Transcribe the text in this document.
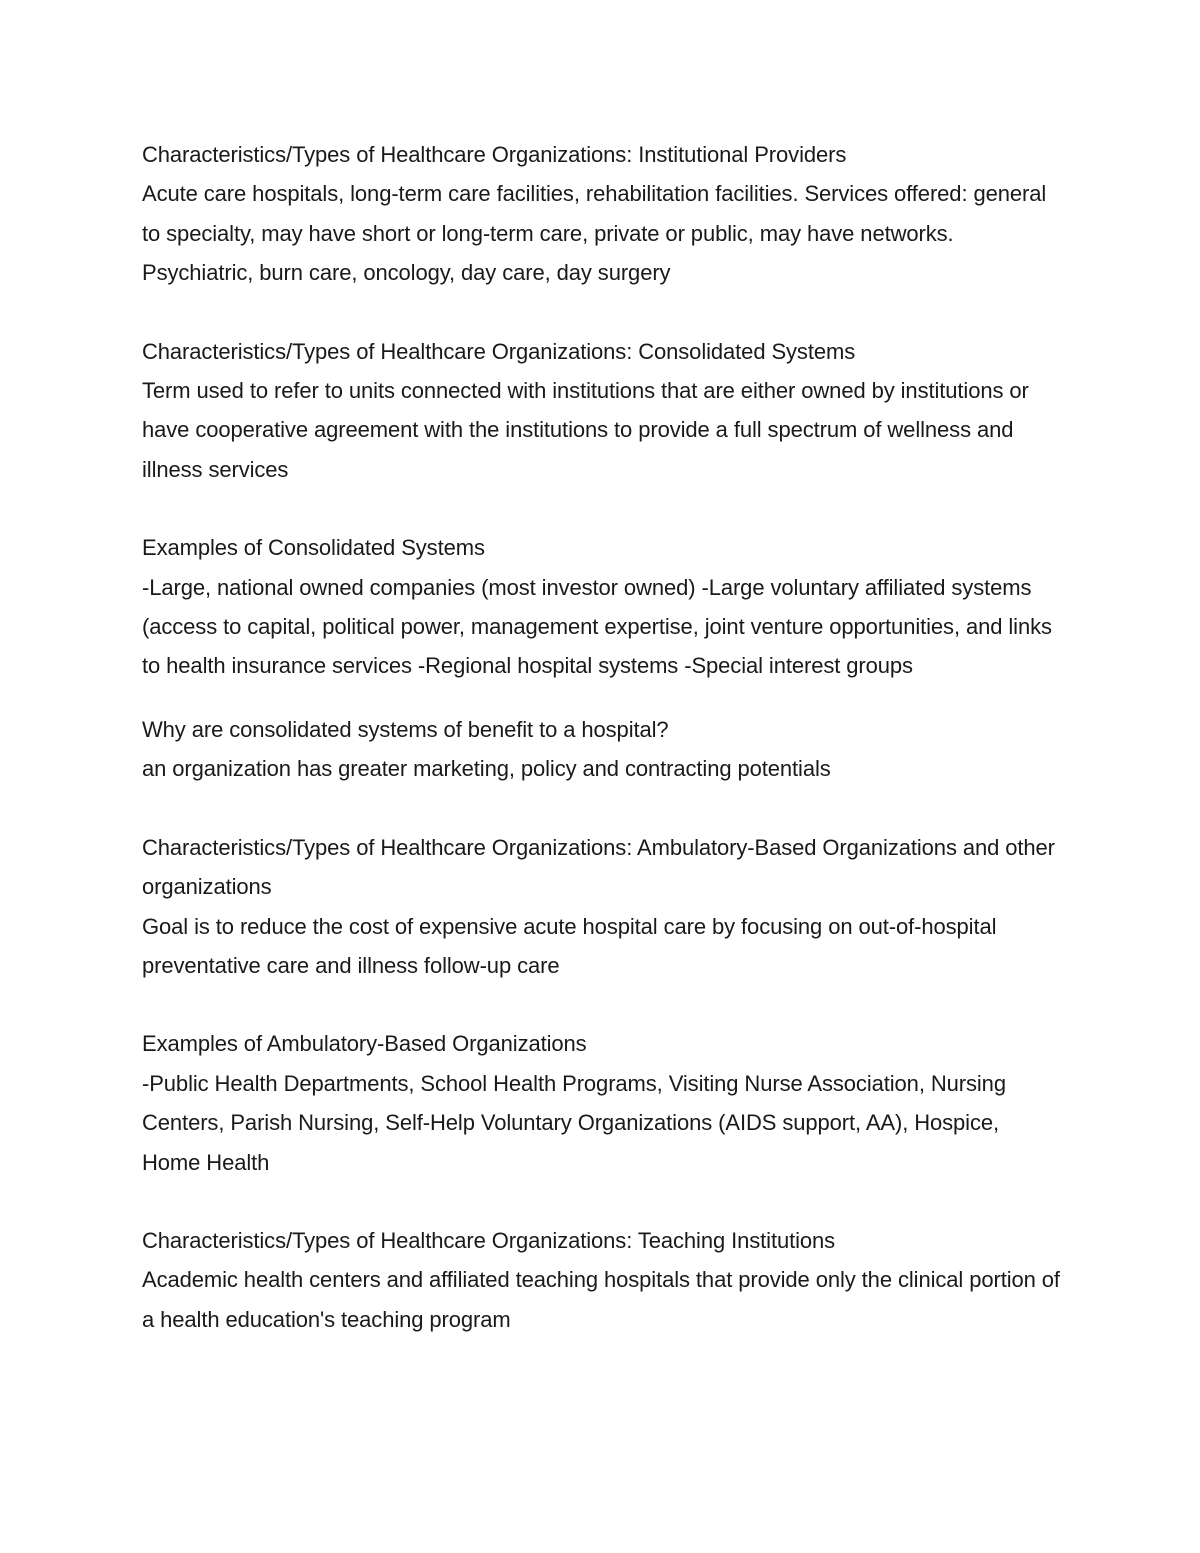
Characteristics/Types of Healthcare Organizations: Institutional Providers

Acute care hospitals, long-term care facilities, rehabilitation facilities. Services offered: general to specialty, may have short or long-term care, private or public, may have networks. Psychiatric, burn care, oncology, day care, day surgery

Characteristics/Types of Healthcare Organizations: Consolidated Systems

Term used to refer to units connected with institutions that are either owned by institutions or have cooperative agreement with the institutions to provide a full spectrum of wellness and illness services

Examples of Consolidated Systems

-Large, national owned companies (most investor owned) -Large voluntary affiliated systems (access to capital, political power, management expertise, joint venture opportunities, and links to health insurance services -Regional hospital systems -Special interest groups

Why are consolidated systems of benefit to a hospital?

an organization has greater marketing, policy and contracting potentials

Characteristics/Types of Healthcare Organizations: Ambulatory-Based Organizations and other organizations

Goal is to reduce the cost of expensive acute hospital care by focusing on out-of-hospital preventative care and illness follow-up care

Examples of Ambulatory-Based Organizations

-Public Health Departments, School Health Programs, Visiting Nurse Association, Nursing Centers, Parish Nursing, Self-Help Voluntary Organizations (AIDS support, AA), Hospice, Home Health

Characteristics/Types of Healthcare Organizations: Teaching Institutions

Academic health centers and affiliated teaching hospitals that provide only the clinical portion of a health education's teaching program
